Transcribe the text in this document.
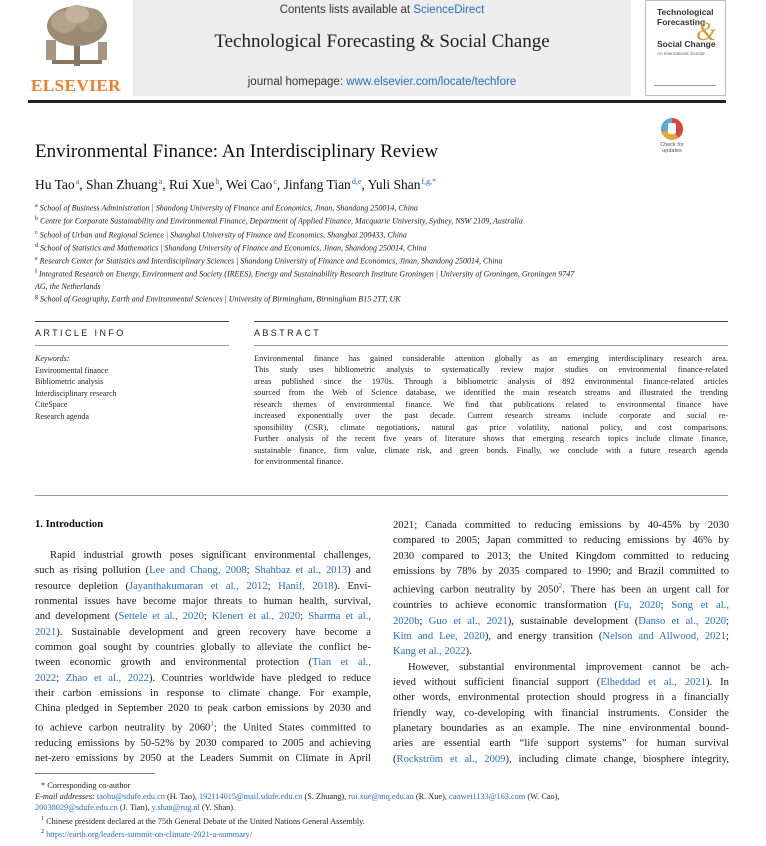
ELSEVIER
Contents lists available at ScienceDirect
Technological Forecasting & Social Change
journal homepage: www.elsevier.com/locate/techfore
Technological
Forecasting
&
Social Change
An International Journal
Check for
updates
Environmental Finance: An Interdisciplinary Review
Hu Tao$^a$, Shan Zhuang$^a$, Rui Xue$^b$, Wei Cao$^c$, Jinfang Tian$^{d,e}$, Yuli Shan$^{f,g,*}$
$^a$ School of Business Administration | Shandong University of Finance and Economics, Jinan, Shandong 250014, China
$^b$ Centre for Corporate Sustainability and Environmental Finance, Department of Applied Finance, Macquarie University, Sydney, NSW 2109, Australia
$^c$ School of Urban and Regional Science | Shanghai University of Finance and Economics, Shanghai 200433, China
$^d$ School of Statistics and Mathematics | Shandong University of Finance and Economics, Jinan, Shandong 250014, China
$^e$ Research Center for Statistics and Interdisciplinary Sciences | Shandong University of Finance and Economics, Jinan, Shandong 250014, China
$^f$ Integrated Research on Energy, Environment and Society (IREES), Energy and Sustainability Research Institute Groningen | University of Groningen, Groningen 9747
AG, the Netherlands
$^g$ School of Geography, Earth and Environmental Sciences | University of Birmingham, Birmingham B15 2TT, UK
ARTICLE INFO	ABSTRACT
Keywords:
Environmental finance
Bibliometric analysis
Interdisciplinary research
CiteSpace
Research agenda
Environmental finance has gained considerable attention globally as an emerging interdisciplinary research area.
This study uses bibliometric analysis to systematically review major studies on environmental finance-related
areas published since the 1970s. Through a bibliometric analysis of 892 environmental finance-related articles
sourced from the Web of Science database, we identified the main research streams and illustrated the trending
research themes of environmental finance. We find that publications related to environmental finance have
increased exponentially over the past decade. Current research streams include corporate and social re-
sponsibility (CSR), climate negotiations, natural gas price volatility, national policy, and cost comparisons.
Further analysis of the recent five years of literature shows that emerging research topics include climate finance,
sustainable finance, firm value, climate risk, and green bonds. Finally, we conclude with a future research agenda
for environmental finance.
1. Introduction
Rapid industrial growth poses significant environmental challenges,
such as rising pollution (Lee and Chang, 2008; Shahbaz et al., 2013) and
resource depletion (Jayanthakumaran et al., 2012; Hanif, 2018). Envi-
ronmental issues have become major threats to human health, survival,
and development (Settele et al., 2020; Klenert et al., 2020; Sharma et al.,
2021). Sustainable development and green recovery have become a
common goal sought by countries globally to alleviate the conflict be-
tween economic growth and environmental protection (Tian et al.,
2022; Zhao et al., 2022). Countries worldwide have pledged to reduce
their carbon emissions in response to climate change. For example,
China pledged in September 2020 to peak carbon emissions by 2030 and
to achieve carbon neutrality by 2060$^1$; the United States committed to
reducing emissions by 50-52% by 2030 compared to 2005 and achieving
net-zero emissions by 2050 at the Leaders Summit on Climate in April
2021; Canada committed to reducing emissions by 40-45% by 2030
compared to 2005; Japan committed to reducing emissions by 46% by
2030 compared to 2013; the United Kingdom committed to reducing
emissions by 78% by 2035 compared to 1990; and Brazil committed to
achieving carbon neutrality by 2050$^2$. There has been an urgent call for
countries to achieve economic transformation (Fu, 2020; Song et al.,
2020b; Guo et al., 2021), sustainable development (Danso et al., 2020;
Kim and Lee, 2020), and energy transition (Nelson and Allwood, 2021;
Kang et al., 2022).
However, substantial environmental improvement cannot be ach-
ieved without sufficient financial support (Elheddad et al., 2021). In
other words, environmental protection should progress in a financially
friendly way, co-developing with financial instruments. Consider the
planetary boundaries as an example. The nine environmental bound-
aries are essential earth “life support systems” for human survival
(Rockström et al., 2009), including climate change, biosphere integrity,
* Corresponding co-author
E-mail addresses: taohu@sdufe.edu.cn (H. Tao), 192114015@mail.sdufe.edu.cn (S. Zhuang), rui.xue@mq.edu.au (R. Xue), caowei1133@163.com (W. Cao),
20038029@sdufe.edu.cn (J. Tian), y.shan@rug.nl (Y. Shan).
$^1$ Chinese president declared at the 75th General Debate of the United Nations General Assembly.
$^2$ https://earth.org/leaders-summit-on-climate-2021-a-summary/
